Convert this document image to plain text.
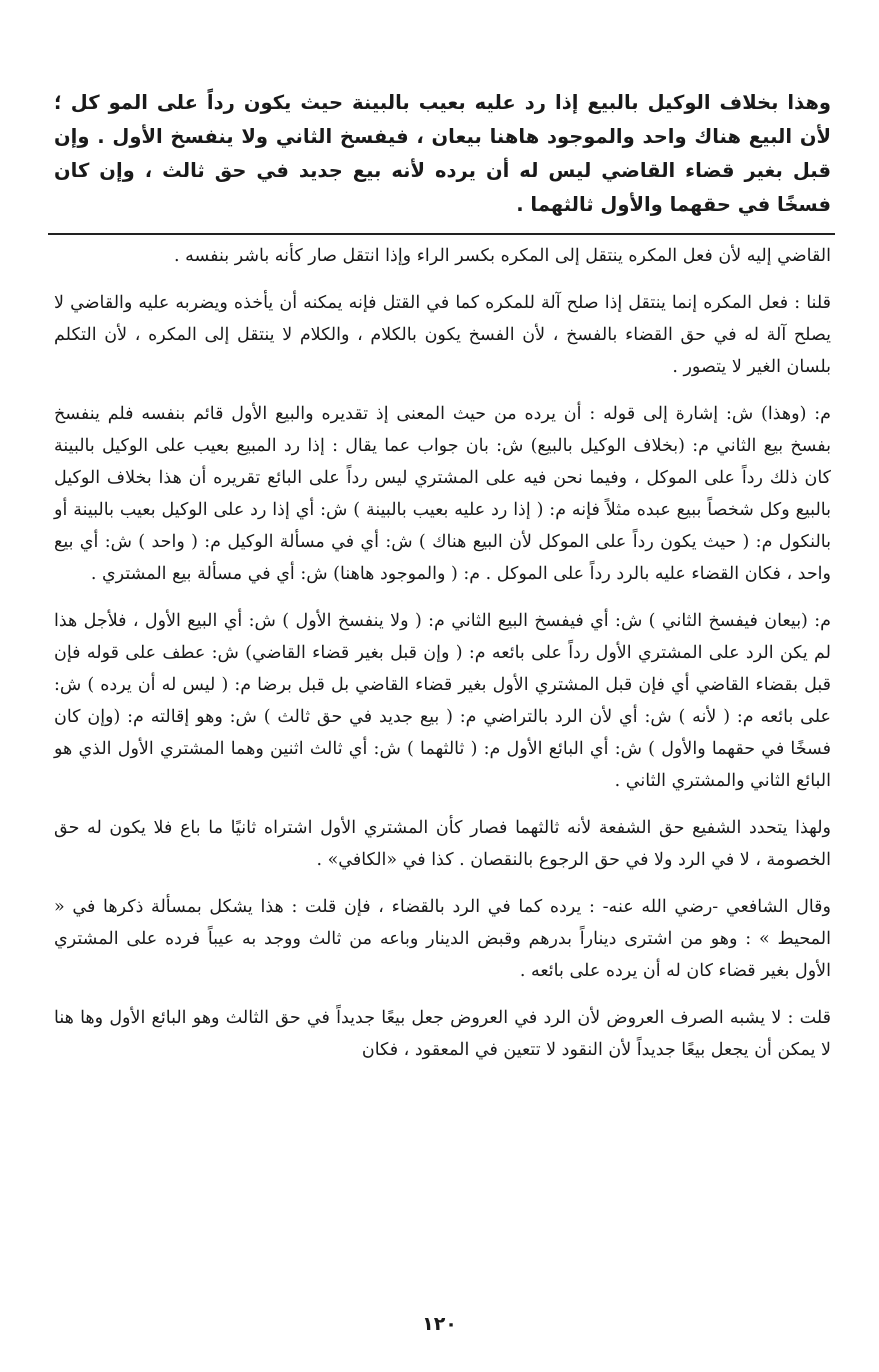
وهذا بخلاف الوكيل بالبيع إذا رد عليه بعيب بالبينة حيث يكون رداً على المو كل ؛ لأن البيع هناك واحد والموجود هاهنا بيعان ، فيفسخ الثاني ولا ينفسخ الأول . وإن قبل بغير قضاء القاضي ليس له أن يرده لأنه بيع جديد في حق ثالث ، وإن كان فسخًا في حقهما والأول ثالثهما .

القاضي إليه لأن فعل المكره ينتقل إلى المكره بكسر الراء وإذا انتقل صار كأنه باشر بنفسه .

قلنا : فعل المكره إنما ينتقل إذا صلح آلة للمكره كما في القتل فإنه يمكنه أن يأخذه ويضربه عليه والقاضي لا يصلح آلة له في حق القضاء بالفسخ ، لأن الفسخ يكون بالكلام ، والكلام لا ينتقل إلى المكره ، لأن التكلم بلسان الغير لا يتصور .

م: (وهذا) ش: إشارة إلى قوله : أن يرده من حيث المعنى إذ تقديره والبيع الأول قائم بنفسه فلم ينفسخ بفسخ بيع الثاني م: (بخلاف الوكيل بالبيع) ش: بان جواب عما يقال : إذا رد المبيع بعيب على الوكيل بالبينة كان ذلك رداً على الموكل ، وفيما نحن فيه على المشتري ليس رداً على البائع تقريره أن هذا بخلاف الوكيل بالبيع وكل شخصاً ببيع عبده مثلاً فإنه م: ( إذا رد عليه بعيب بالبينة ) ش: أي إذا رد على الوكيل بعيب بالبينة أو بالنكول م: ( حيث يكون رداً على الموكل لأن البيع هناك ) ش: أي في مسألة الوكيل م: ( واحد ) ش: أي بيع واحد ، فكان القضاء عليه بالرد رداً على الموكل . م: ( والموجود هاهنا) ش: أي في مسألة بيع المشتري .

م: (بيعان فيفسخ الثاني ) ش: أي فيفسخ البيع الثاني م: ( ولا ينفسخ الأول ) ش: أي البيع الأول ، فلأجل هذا لم يكن الرد على المشتري الأول رداً على بائعه م: ( وإن قبل بغير قضاء القاضي) ش: عطف على قوله فإن قبل بقضاء القاضي أي فإن قبل المشتري الأول بغير قضاء القاضي بل قبل برضا م: ( ليس له أن يرده ) ش: على بائعه م: ( لأنه ) ش: أي لأن الرد بالتراضي م: ( بيع جديد في حق ثالث ) ش: وهو إقالته م: (وإن كان فسخًا في حقهما والأول ) ش: أي البائع الأول م: ( ثالثهما ) ش: أي ثالث اثنين وهما المشتري الأول الذي هو البائع الثاني والمشتري الثاني .

ولهذا يتحدد الشفيع حق الشفعة لأنه ثالثهما فصار كأن المشتري الأول اشتراه ثانيًا ما باع فلا يكون له حق الخصومة ، لا في الرد ولا في حق الرجوع بالنقصان . كذا في «الكافي» .

وقال الشافعي -رضي الله عنه- : يرده كما في الرد بالقضاء ، فإن قلت : هذا يشكل بمسألة ذكرها في « المحيط » : وهو من اشترى ديناراً بدرهم وقبض الدينار وباعه من ثالث ووجد به عيباً فرده على المشتري الأول بغير قضاء كان له أن يرده على بائعه .

قلت : لا يشبه الصرف العروض لأن الرد في العروض جعل بيعًا جديداً في حق الثالث وهو البائع الأول وها هنا لا يمكن أن يجعل بيعًا جديداً لأن النقود لا تتعين في المعقود ، فكان

١٢٠
